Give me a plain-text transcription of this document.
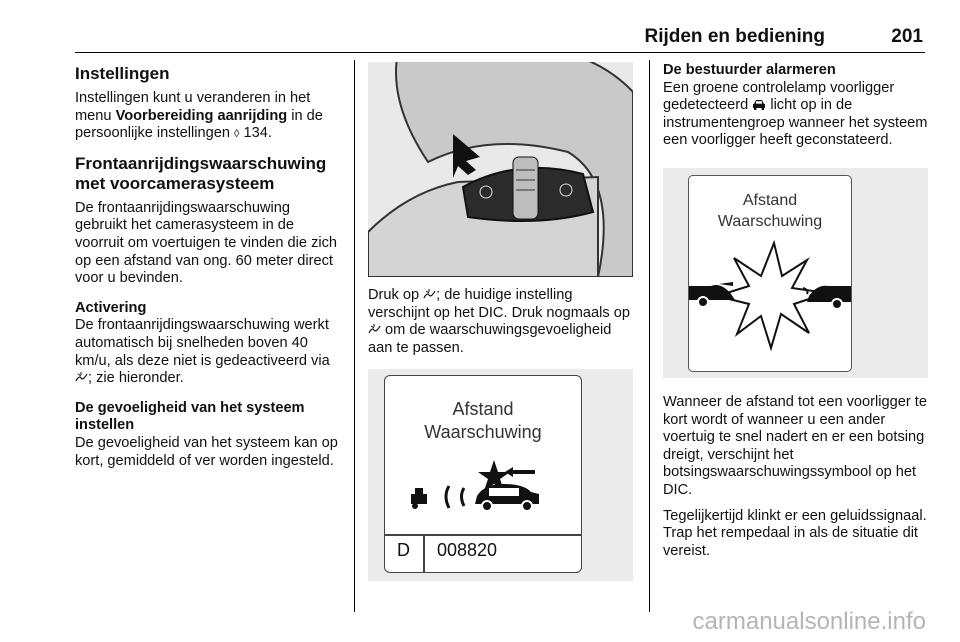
Rijden en bediening	201
Instellingen

Instellingen kunt u veranderen in het menu Voorbereiding aanrijding in de persoonlijke instellingen ◊ 134.

Frontaanrijdingswaarschuwing met voorcamerasysteem

De frontaanrijdingswaarschuwing gebruikt het camerasysteem in de voorruit om voertuigen te vinden die zich op een afstand van ong. 60 meter direct voor u bevinden.

Activering

De frontaanrijdingswaarschuwing werkt automatisch bij snelheden boven 40 km/u, als deze niet is gedeactiveerd via ; zie hieronder.

De gevoeligheid van het systeem instellen

De gevoeligheid van het systeem kan op kort, gemiddeld of ver worden ingesteld.

Druk op ; de huidige instelling verschijnt op het DIC. Druk nogmaals op  om de waarschuwingsgevoeligheid aan te passen.

Afstand
Waarschuwing
D 008820

De bestuurder alarmeren

Een groene controlelamp voorligger gedetecteerd  licht op in de instrumentengroep wanneer het systeem een voorligger heeft geconstateerd.

Afstand
Waarschuwing

Wanneer de afstand tot een voorligger te kort wordt of wanneer u een ander voertuig te snel nadert en er een botsing dreigt, verschijnt het botsingswaarschuwingssymbool op het DIC.

Tegelijkertijd klinkt er een geluidssignaal. Trap het rempedaal in als de situatie dit vereist.

carmanualsonline.info
